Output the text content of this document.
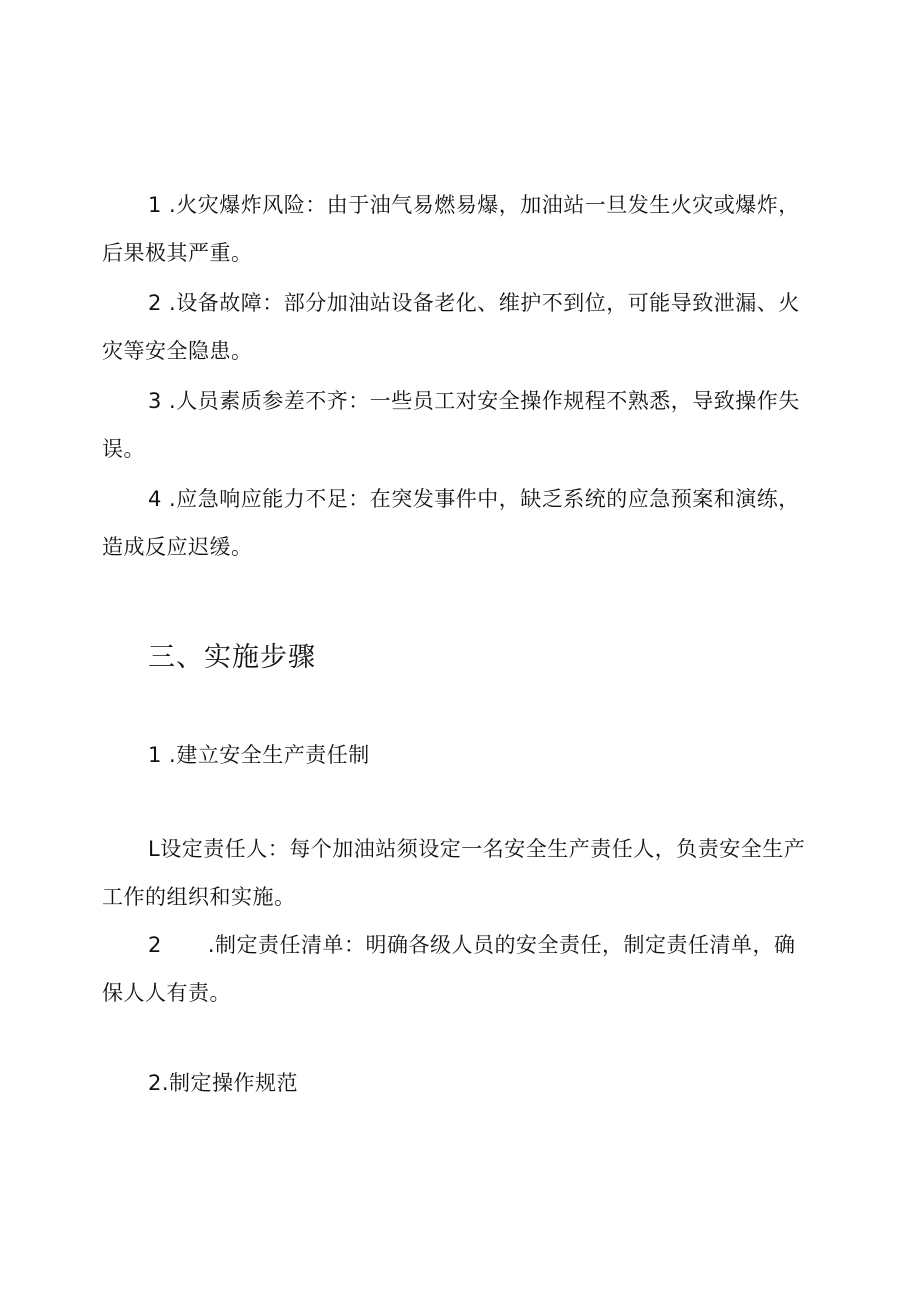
1 .火灾爆炸风险：由于油气易燃易爆，加油站一旦发生火灾或爆炸，
后果极其严重。
2 .设备故障：部分加油站设备老化、维护不到位，可能导致泄漏、火
灾等安全隐患。
3 .人员素质参差不齐：一些员工对安全操作规程不熟悉，导致操作失
误。
4 .应急响应能力不足：在突发事件中，缺乏系统的应急预案和演练，
造成反应迟缓。
三、实施步骤
1 .建立安全生产责任制
L设定责任人：每个加油站须设定一名安全生产责任人，负责安全生产
工作的组织和实施。
2 .制定责任清单：明确各级人员的安全责任，制定责任清单，确
保人人有责。
2.制定操作规范
